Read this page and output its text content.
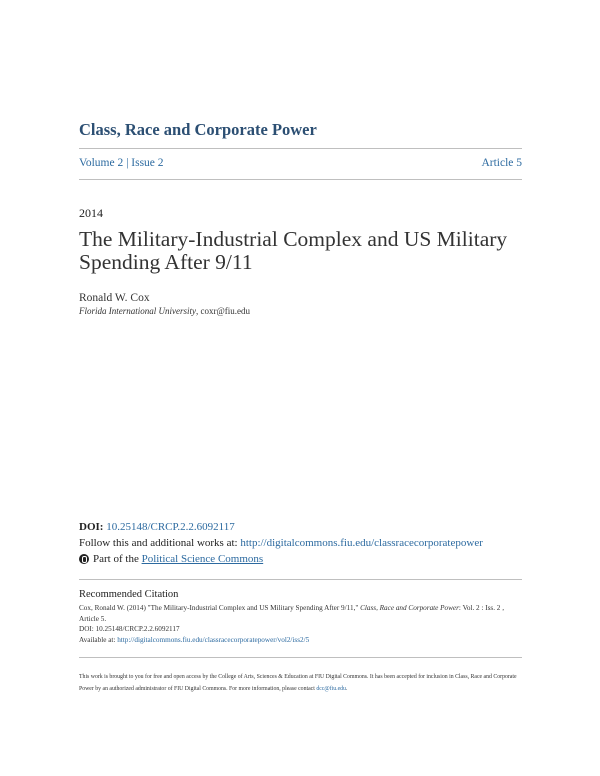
Class, Race and Corporate Power
Volume 2 | Issue 2	Article 5
2014
The Military-Industrial Complex and US Military Spending After 9/11
Ronald W. Cox
Florida International University, coxr@fiu.edu
DOI: 10.25148/CRCP.2.2.6092117
Follow this and additional works at: http://digitalcommons.fiu.edu/classracecorporatepower
Part of the
Political Science Commons
Recommended Citation
Cox, Ronald W. (2014) "The Military-Industrial Complex and US Military Spending After 9/11," Class, Race and Corporate Power: Vol. 2 : Iss. 2 , Article 5.
DOI: 10.25148/CRCP.2.2.6092117
Available at: http://digitalcommons.fiu.edu/classracecorporatepower/vol2/iss2/5
This work is brought to you for free and open access by the College of Arts, Sciences & Education at FIU Digital Commons. It has been accepted for inclusion in Class, Race and Corporate Power by an authorized administrator of FIU Digital Commons. For more information, please contact dcc@fiu.edu.
